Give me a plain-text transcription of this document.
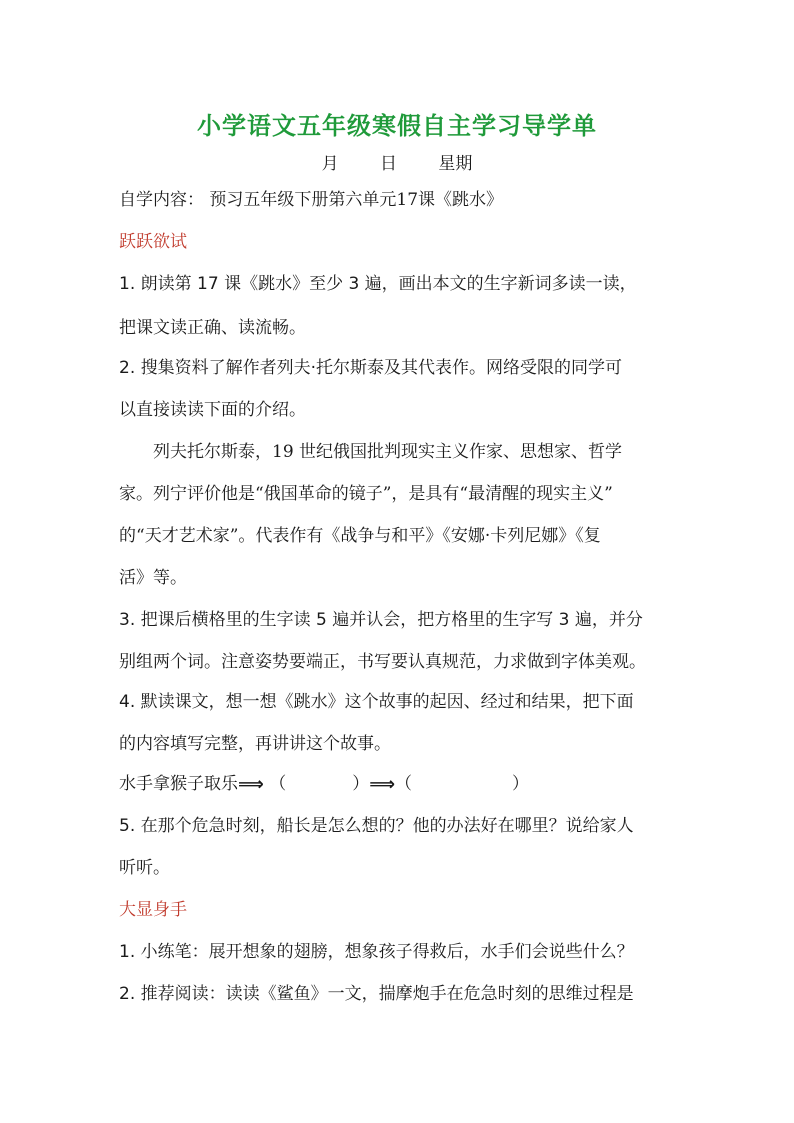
小学语文五年级寒假自主学习导学单
月 日 星期
自学内容： 预习五年级下册第六单元17课《跳水》
跃跃欲试
1. 朗读第 17 课《跳水》至少 3 遍，画出本文的生字新词多读一读，
把课文读正确、读流畅。
2. 搜集资料了解作者列夫·托尔斯泰及其代表作。网络受限的同学可
以直接读读下面的介绍。
列夫托尔斯泰，19 世纪俄国批判现实主义作家、思想家、哲学
家。列宁评价他是“俄国革命的镜子”，是具有“最清醒的现实主义”
的“天才艺术家”。代表作有《战争与和平》《安娜·卡列尼娜》《复
活》等。
3. 把课后横格里的生字读 5 遍并认会，把方格里的生字写 3 遍，并分
别组两个词。注意姿势要端正，书写要认真规范，力求做到字体美观。
4. 默读课文，想一想《跳水》这个故事的起因、经过和结果，把下面
的内容填写完整，再讲讲这个故事。
水手拿猴子取乐⟹ （	）⟹（	）
5. 在那个危急时刻，船长是怎么想的？他的办法好在哪里？说给家人
听听。
大显身手
1. 小练笔：展开想象的翅膀，想象孩子得救后，水手们会说些什么？
2. 推荐阅读：读读《鲨鱼》一文，揣摩炮手在危急时刻的思维过程是
